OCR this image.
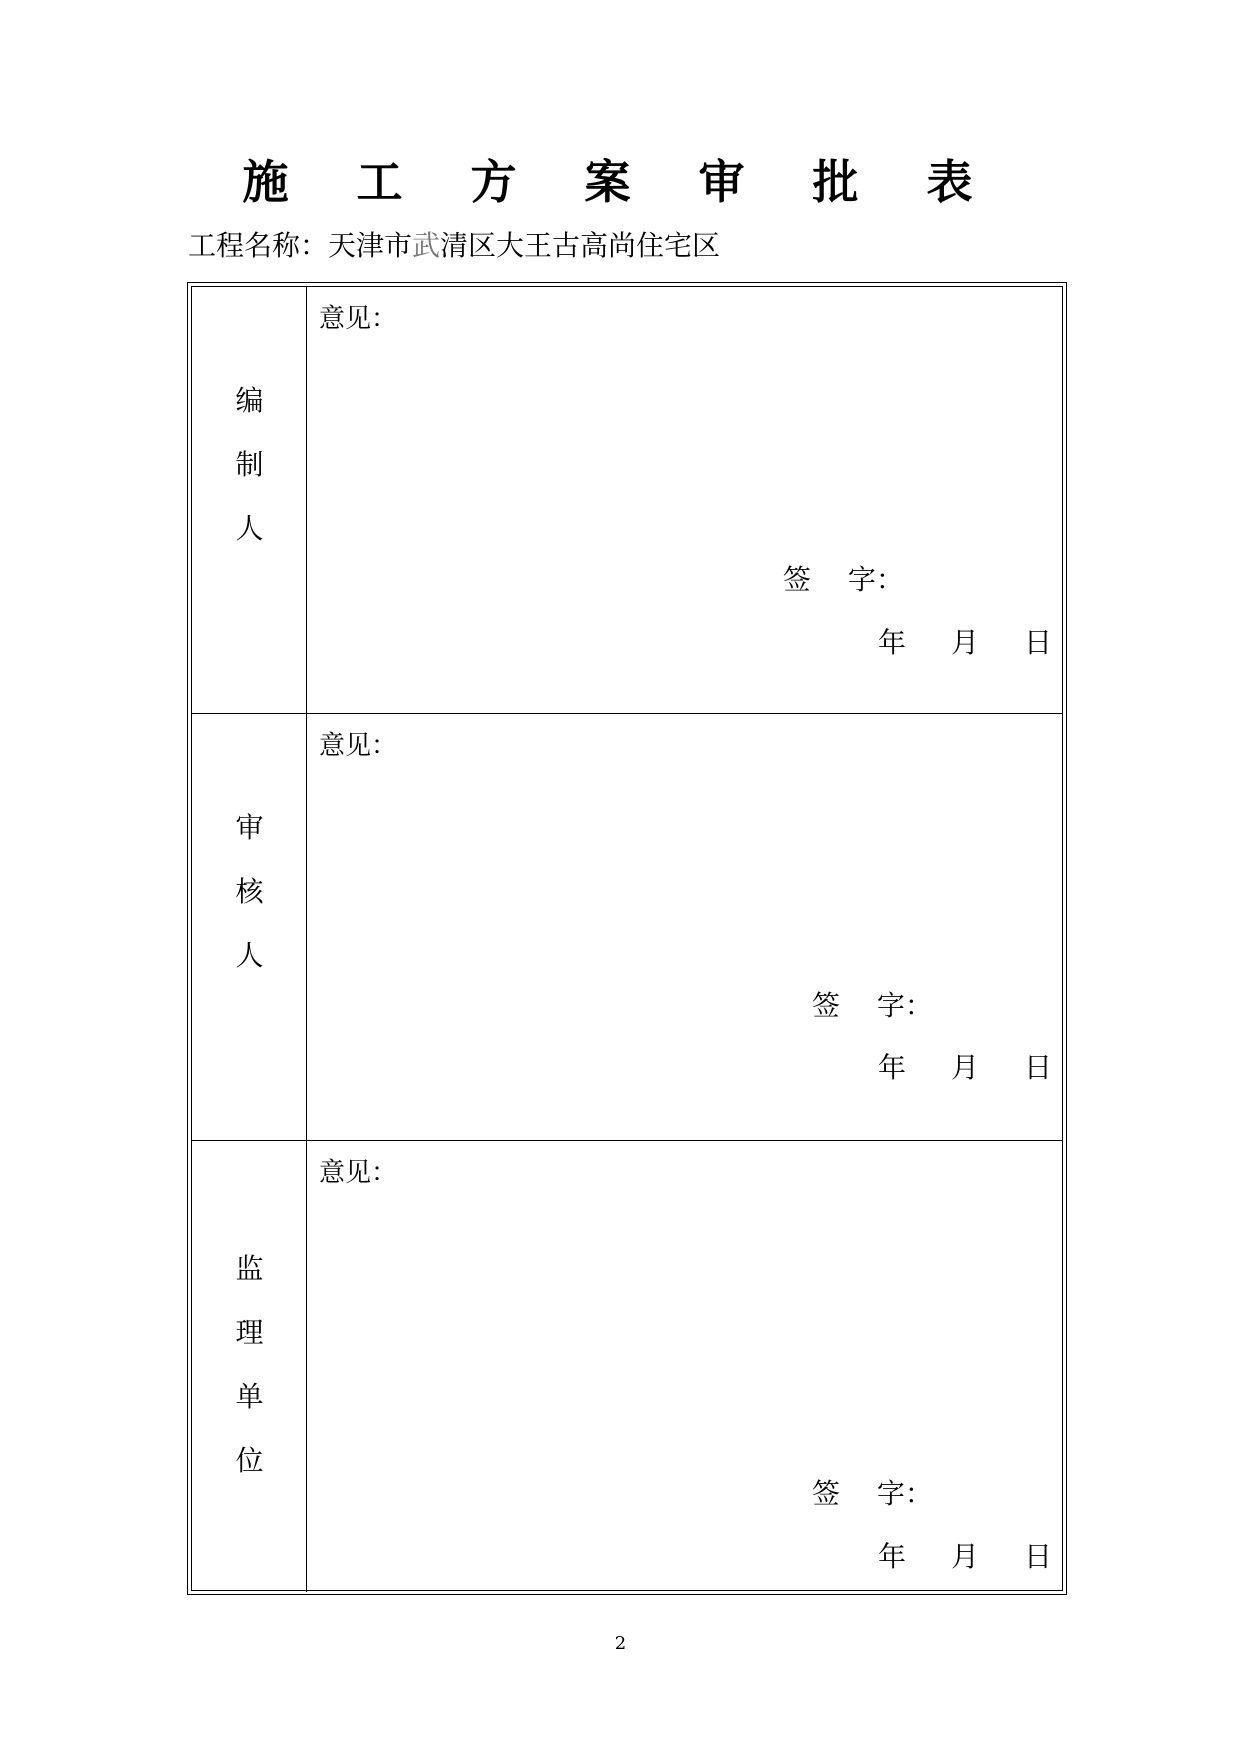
施 工 方 案 审 批 表
工程名称：天津市武清区大王古高尚住宅区
编
制
人
意见：
签　 字：
年 月 日
审
核
人
意见：
签　 字：
年 月 日
监
理
单
位
意见：
签　 字：
年 月 日
2
